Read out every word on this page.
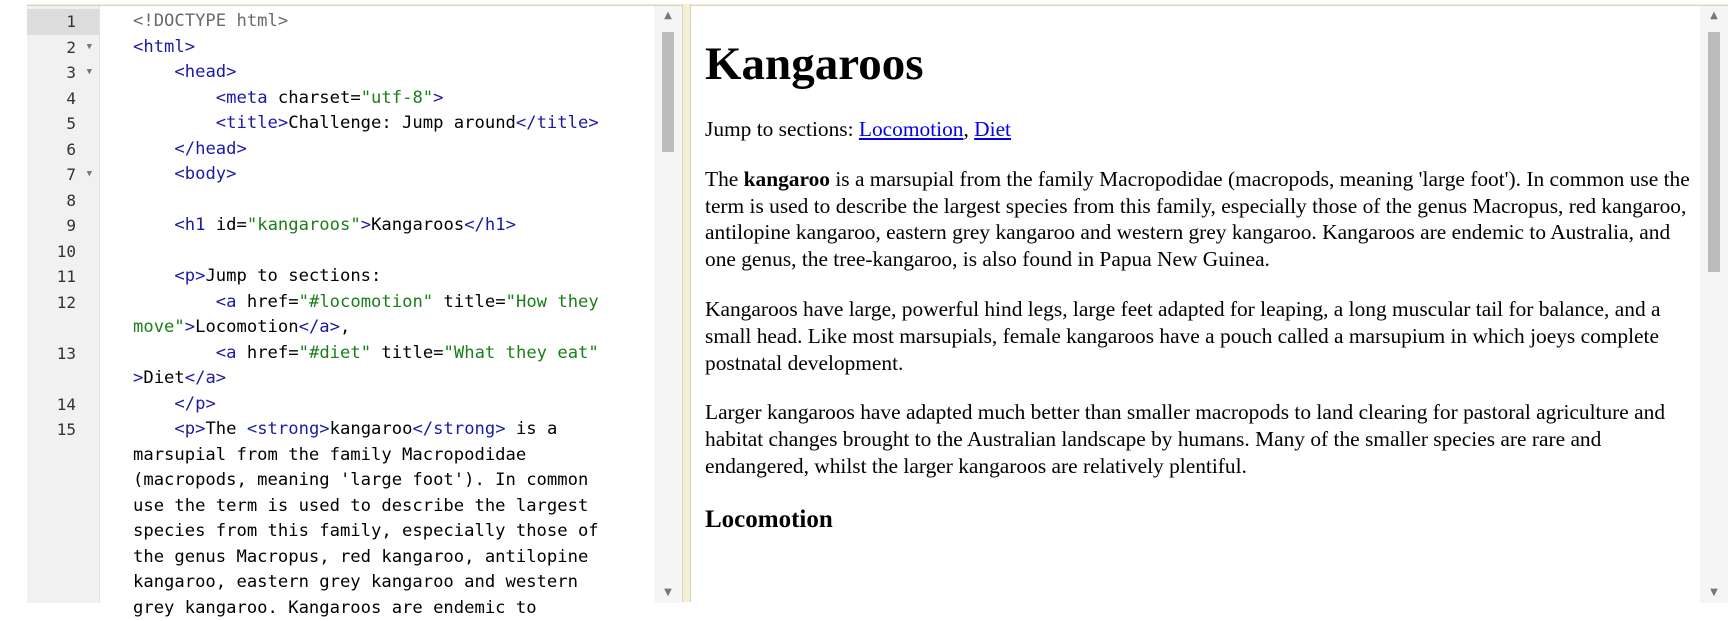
1	<!DOCTYPE html>
2 ▼	<html>
3 ▼	<head>
4	<meta charset="utf-8">
5	<title>Challenge: Jump around</title>
6	</head>
7 ▼	<body>
8

9	<h1 id="kangaroos">Kangaroos</h1>
10

11	<p>Jump to sections:
12	<a href="#locomotion" title="How they
move">Locomotion</a>,
13	<a href="#diet" title="What they eat"
>Diet</a>
14	</p>
15	<p>The <strong>kangaroo</strong> is a
marsupial from the family Macropodidae
(macropods, meaning 'large foot'). In common
use the term is used to describe the largest
species from this family, especially those of
the genus Macropus, red kangaroo, antilopine
kangaroo, eastern grey kangaroo and western
grey kangaroo. Kangaroos are endemic to
▲
▼
Kangaroos

Jump to sections: Locomotion, Diet

The kangaroo is a marsupial from the family Macropodidae (macropods, meaning 'large foot'). In common use the term is used to describe the largest species from this family, especially those of the genus Macropus, red kangaroo, antilopine kangaroo, eastern grey kangaroo and western grey kangaroo. Kangaroos are endemic to Australia, and one genus, the tree-kangaroo, is also found in Papua New Guinea.

Kangaroos have large, powerful hind legs, large feet adapted for leaping, a long muscular tail for balance, and a small head. Like most marsupials, female kangaroos have a pouch called a marsupium in which joeys complete postnatal development.

Larger kangaroos have adapted much better than smaller macropods to land clearing for pastoral agriculture and habitat changes brought to the Australian landscape by humans. Many of the smaller species are rare and endangered, whilst the larger kangaroos are relatively plentiful.

Locomotion
▲
▼
